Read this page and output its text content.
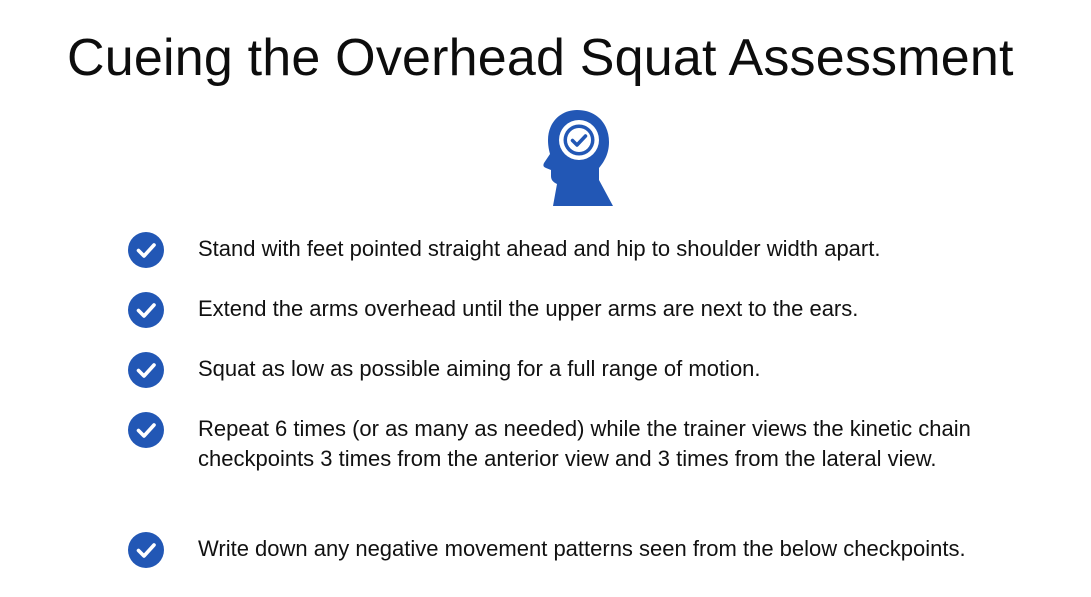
Cueing the Overhead Squat Assessment
Stand with feet pointed straight ahead and hip to shoulder width apart.
Extend the arms overhead until the upper arms are next to the ears.
Squat as low as possible aiming for a full range of motion.
Repeat 6 times (or as many as needed) while the trainer views the kinetic chain checkpoints 3 times from the anterior view and 3 times from the lateral view.
Write down any negative movement patterns seen from the below checkpoints.
